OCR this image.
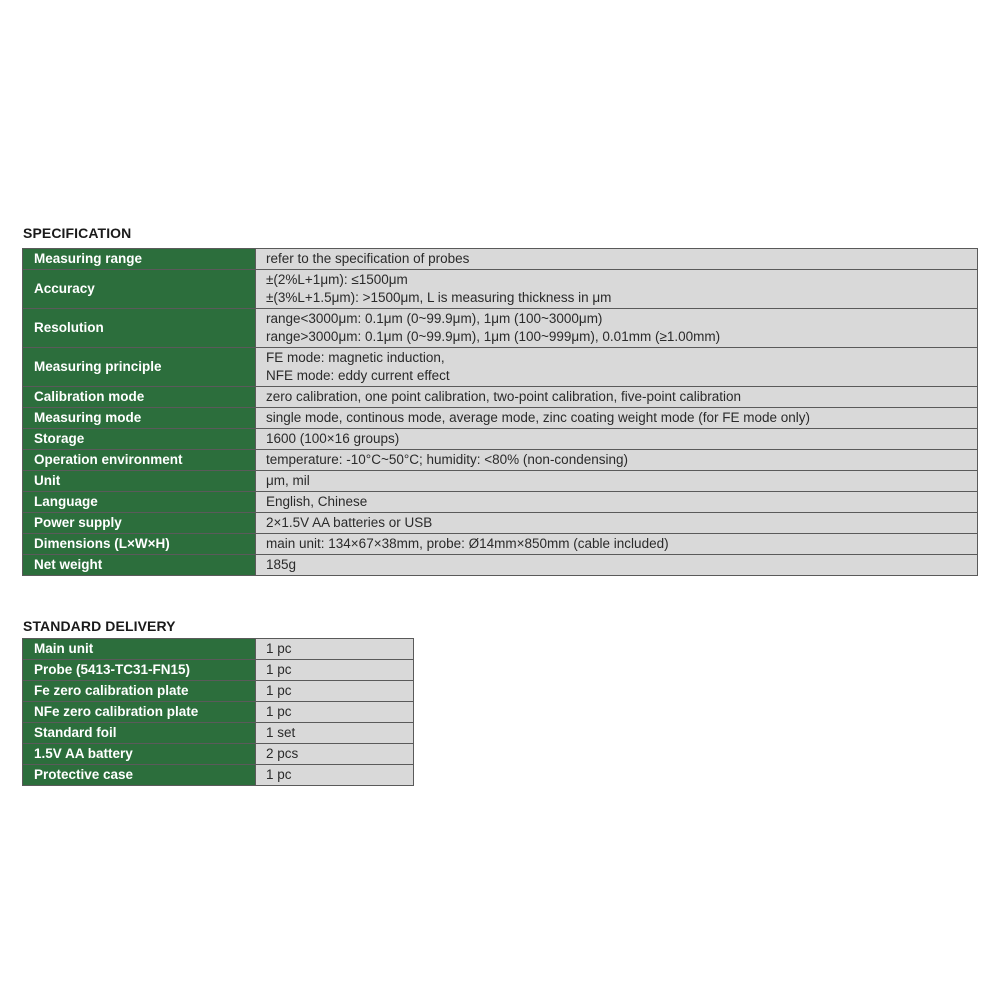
SPECIFICATION
Measuring range	refer to the specification of probes

Accuracy	±(2%L+1μm): ≤1500μm
±(3%L+1.5μm): >1500μm, L is measuring thickness in μm

Resolution	range<3000μm: 0.1μm (0~99.9μm), 1μm (100~3000μm)
range>3000μm: 0.1μm (0~99.9μm), 1μm (100~999μm), 0.01mm (≥1.00mm)

Measuring principle	FE mode: magnetic induction,
NFE mode: eddy current effect

Calibration mode	zero calibration, one point calibration, two-point calibration, five-point calibration

Measuring mode	single mode, continous mode, average mode, zinc coating weight mode (for FE mode only)

Storage	1600 (100×16 groups)

Operation environment	temperature: -10°C~50°C; humidity: <80% (non-condensing)

Unit	μm, mil

Language	English, Chinese

Power supply	2×1.5V AA batteries or USB

Dimensions (L×W×H)	main unit: 134×67×38mm, probe: Ø14mm×850mm (cable included)

Net weight	185g
STANDARD DELIVERY
Main unit	1 pc

Probe (5413-TC31-FN15)	1 pc

Fe zero calibration plate	1 pc

NFe zero calibration plate	1 pc

Standard foil	1 set

1.5V AA battery	2 pcs

Protective case	1 pc
